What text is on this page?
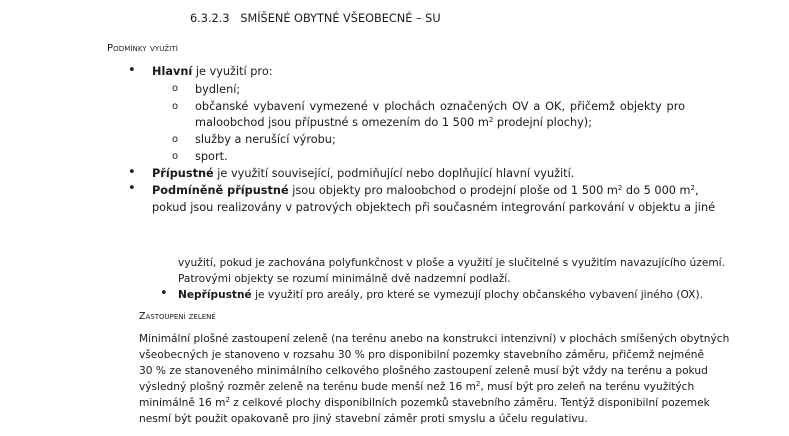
6.3.2.3 SMÍŠENÉ OBYTNÉ VŠEOBECNÉ – SU
Podmínky využití
• Hlavní je využití pro:
o bydlení;
o občanské vybavení vymezené v plochách označených OV a OK, přičemž objekty pro
maloobchod jsou přípustné s omezením do 1 500 $m^2$ prodejní plochy);
o služby a nerušící výrobu;
o sport.
• Přípustné je využití související, podmiňující nebo doplňující hlavní využití.
• Podmíněně přípustné jsou objekty pro maloobchod o prodejní ploše od 1 500 $m^2$ do 5 000 $m^2$,
pokud jsou realizovány v patrových objektech při současném integrování parkování v objektu a jiné
využití, pokud je zachována polyfunkčnost v ploše a využití je slučitelné s využitím navazujícího území.
Patrovými objekty se rozumí minimálně dvě nadzemní podlaží.
• Nepřípustné je využití pro areály, pro které se vymezují plochy občanského vybavení jiného (OX).
Zastoupení zeleně
Minimální plošné zastoupení zeleně (na terénu anebo na konstrukci intenzivní) v plochách smíšených obytných
všeobecných je stanoveno v rozsahu 30 % pro disponibilní pozemky stavebního záměru, přičemž nejméně
30 % ze stanoveného minimálního celkového plošného zastoupení zeleně musí být vždy na terénu a pokud
výsledný plošný rozměr zeleně na terénu bude menší než 16 $m^2$, musí být pro zeleň na terénu využitých
minimálně 16 $m^2$ z celkové plochy disponibilních pozemků stavebního záměru. Tentýž disponibilní pozemek
nesmí být použit opakovaně pro jiný stavební záměr proti smyslu a účelu regulativu.
